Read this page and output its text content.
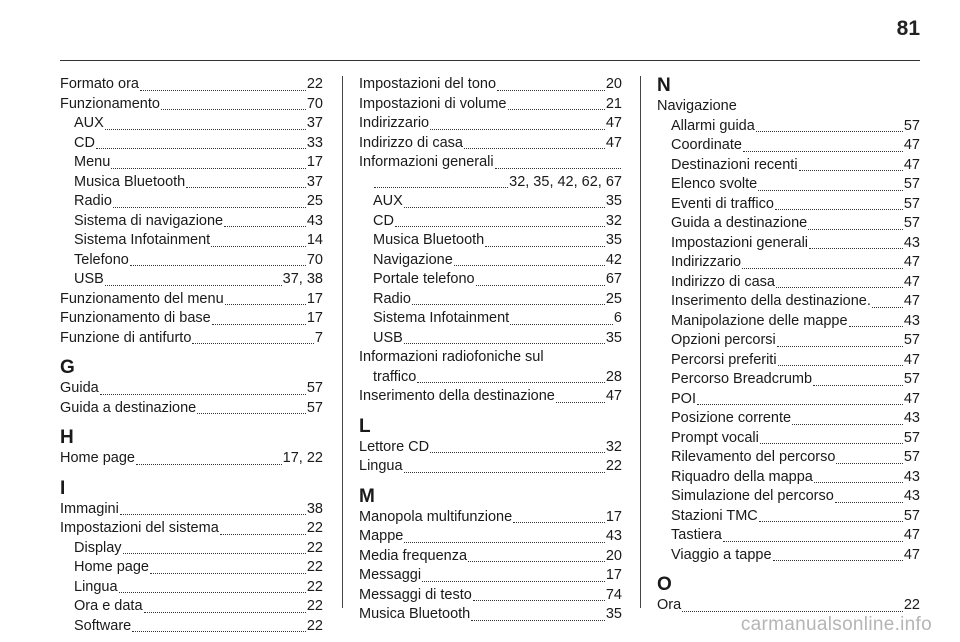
81
Formato ora	22
Funzionamento	70
AUX	37
CD	33
Menu	17
Musica Bluetooth	37
Radio	25
Sistema di navigazione	43
Sistema Infotainment	14
Telefono	70
USB	37, 38
Funzionamento del menu	17
Funzionamento di base	17
Funzione di antifurto	7
G
Guida	57
Guida a destinazione	57
H
Home page	17, 22
I
Immagini	38
Impostazioni del sistema	22
Display	22
Home page	22
Lingua	22
Ora e data	22
Software	22
Impostazioni del tono	20
Impostazioni di volume	21
Indirizzario	47
Indirizzo di casa	47
Informazioni generali
32, 35, 42, 62, 67
AUX	35
CD	32
Musica Bluetooth	35
Navigazione	42
Portale telefono	67
Radio	25
Sistema Infotainment	6
USB	35
Informazioni radiofoniche sul
traffico	28
Inserimento della destinazione	47
L
Lettore CD	32
Lingua	22
M
Manopola multifunzione	17
Mappe	43
Media frequenza	20
Messaggi	17
Messaggi di testo	74
Musica Bluetooth	35
N
Navigazione
Allarmi guida	57
Coordinate	47
Destinazioni recenti	47
Elenco svolte	57
Eventi di traffico	57
Guida a destinazione	57
Impostazioni generali	43
Indirizzario	47
Indirizzo di casa	47
Inserimento della destinazione. 47
Manipolazione delle mappe	43
Opzioni percorsi	57
Percorsi preferiti	47
Percorso Breadcrumb	57
POI	47
Posizione corrente	43
Prompt vocali	57
Rilevamento del percorso	57
Riquadro della mappa	43
Simulazione del percorso	43
Stazioni TMC	57
Tastiera	47
Viaggio a tappe	47
O
Ora	22
carmanualsonline.info
